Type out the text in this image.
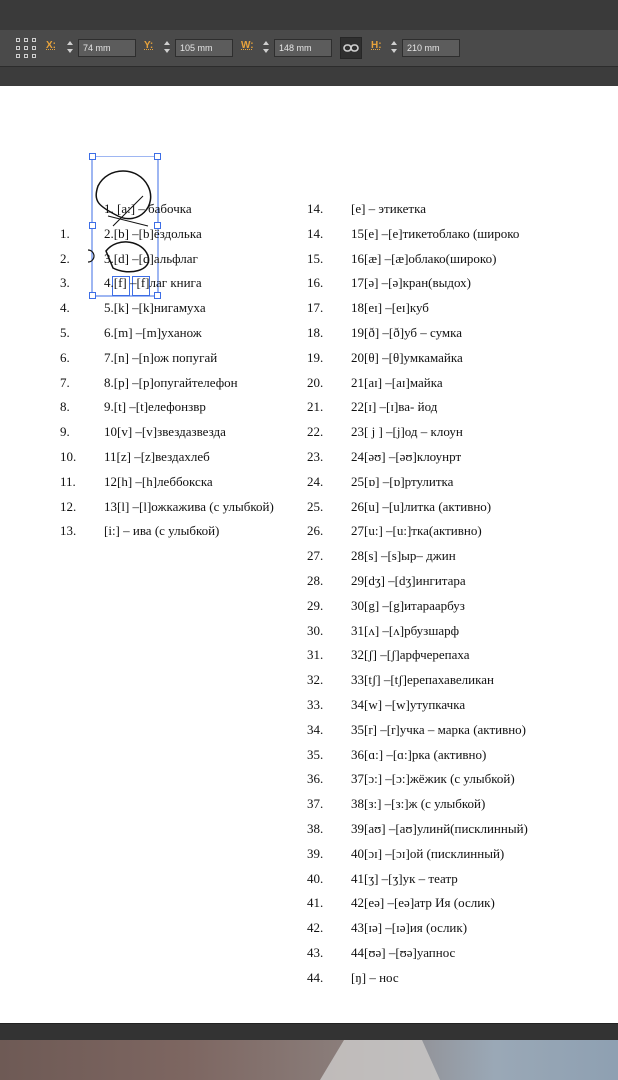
X:	74 mm	Y:	105 mm	W:	148 mm	H:	210 mm
1. [a:] – бабочка
1.	2.[b] –[b]ёздолька
2.	3.[d] –[d]альфлаг
3.	4.[f] –[f]лаг книга
4.	5.[k] –[k]нигамуха
5.	6.[m] –[m]уханож
6.	7.[n] –[n]ож попугай
7.	8.[p] –[p]опугайтелефон
8.	9.[t] –[t]елефонзвр
9.	10[v] –[v]звездазвезда
10.	11[z] –[z]вездахлеб
11.	12[h] –[h]леббокска
12.	13[l] –[l]ожкажива (с улыбкой)
13.	[i:] – ива (с улыбкой)
14.	[e] – этикетка
14.	15[e] –[e]тикетоблако (широко
15.	16[æ] –[æ]облако(широко)
16.	17[ə] –[ə]кран(выдох)
17.	18[eɪ] –[eɪ]куб
18.	19[ð] –[ð]уб – сумка
19.	20[θ] –[θ]умкамайка
20.	21[aɪ] –[aɪ]майка
21.	22[ɪ] –[ɪ]ва- йод
22.	23[ j ] –[j]од – клоун
23.	24[əʊ] –[əʊ]клоунрт
24.	25[ɒ] –[ɒ]ртулитка
25.	26[u] –[u]литка (активно)
26.	27[u:] –[u:]тка(активно)
27.	28[s] –[s]ыр– джин
28.	29[dʒ] –[dʒ]ингитара
29.	30[g] –[g]итараарбуз
30.	31[ʌ] –[ʌ]рбузшарф
31.	32[ʃ] –[ʃ]арфчерепаха
32.	33[tʃ] –[tʃ]ерепахавеликан
33.	34[w] –[w]утупкачка
34.	35[r] –[r]учка – марка (активно)
35.	36[ɑ:] –[ɑ:]рка (активно)
36.	37[ɔ:] –[ɔ:]жёжик (с улыбкой)
37.	38[з:] –[з:]ж (с улыбкой)
38.	39[aʊ] –[aʊ]улинй(писклинный)
39.	40[ɔɪ] –[ɔɪ]ой (писклинный)
40.	41[ʒ] –[ʒ]ук – театр
41.	42[eə] –[eə]атр Ия (ослик)
42.	43[ɪə] –[ɪə]ия (ослик)
43.	44[ʊə] –[ʊə]уапнос
44.	[ŋ] – нос
